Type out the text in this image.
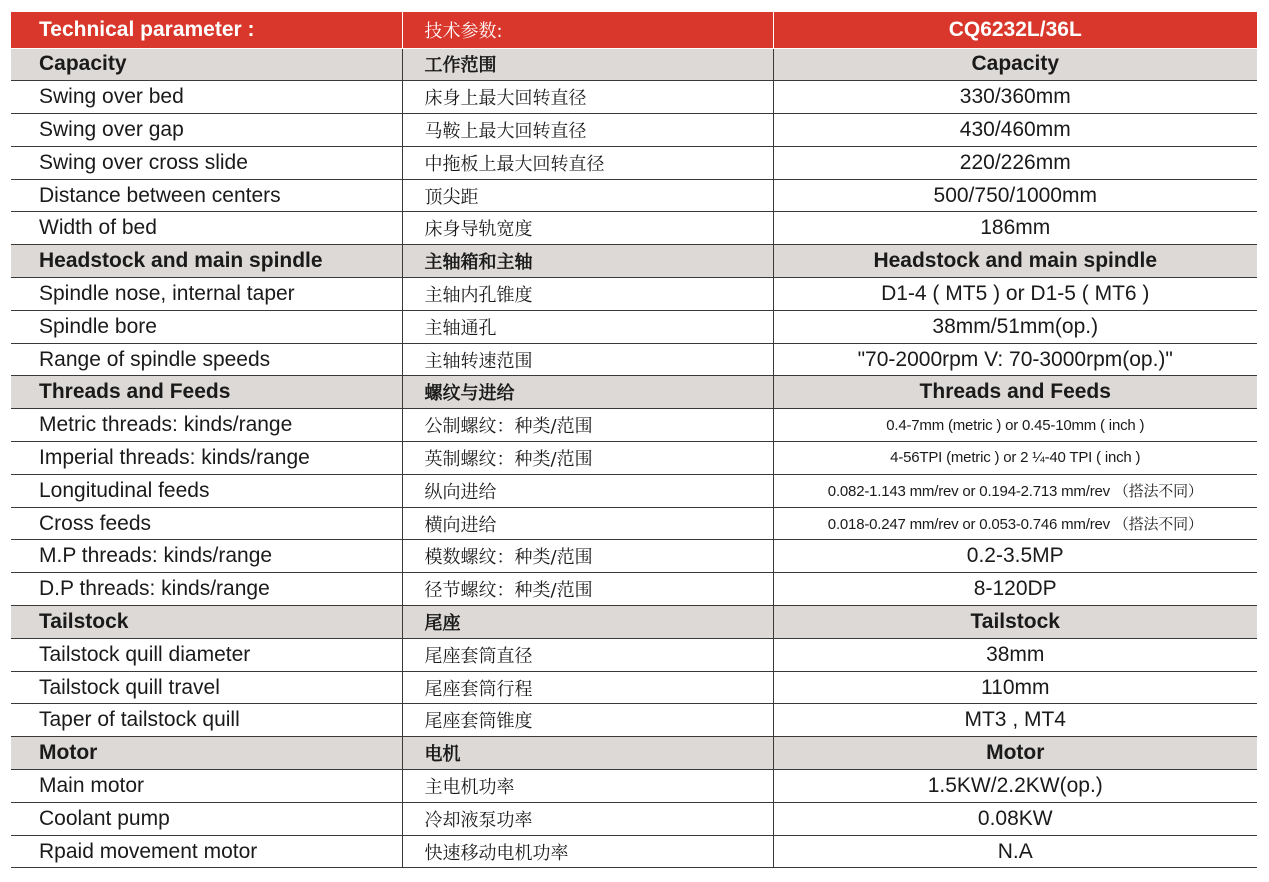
Technical parameter :	技术参数:	CQ6232L/36L
Capacity	工作范围	Capacity
Swing over bed	床身上最大回转直径	330/360mm
Swing over gap	马鞍上最大回转直径	430/460mm
Swing over cross slide	中拖板上最大回转直径	220/226mm
Distance between centers	顶尖距	500/750/1000mm
Width of bed	床身导轨宽度	186mm
Headstock and main spindle	主轴箱和主轴	Headstock and main spindle
Spindle nose, internal taper	主轴内孔锥度	D1-4 ( MT5 ) or D1-5 ( MT6 )
Spindle bore	主轴通孔	38mm/51mm(op.)
Range of spindle speeds	主轴转速范围	"70-2000rpm V: 70-3000rpm(op.)"
Threads and Feeds	螺纹与进给	Threads and Feeds
Metric threads: kinds/range	公制螺纹：种类/范围	0.4-7mm (metric ) or 0.45-10mm ( inch )
Imperial threads: kinds/range	英制螺纹：种类/范围	4-56TPI (metric ) or 2 ¼-40 TPI ( inch )
Longitudinal feeds	纵向进给	0.082-1.143 mm/rev or 0.194-2.713 mm/rev （搭法不同）
Cross feeds	横向进给	0.018-0.247 mm/rev or 0.053-0.746 mm/rev （搭法不同）
M.P threads: kinds/range	模数螺纹：种类/范围	0.2-3.5MP
D.P threads: kinds/range	径节螺纹：种类/范围	8-120DP
Tailstock	尾座	Tailstock
Tailstock quill diameter	尾座套筒直径	38mm
Tailstock quill travel	尾座套筒行程	110mm
Taper of tailstock quill	尾座套筒锥度	MT3 , MT4
Motor	电机	Motor
Main motor	主电机功率	1.5KW/2.2KW(op.)
Coolant pump	冷却液泵功率	0.08KW
Rpaid movement motor	快速移动电机功率	N.A
